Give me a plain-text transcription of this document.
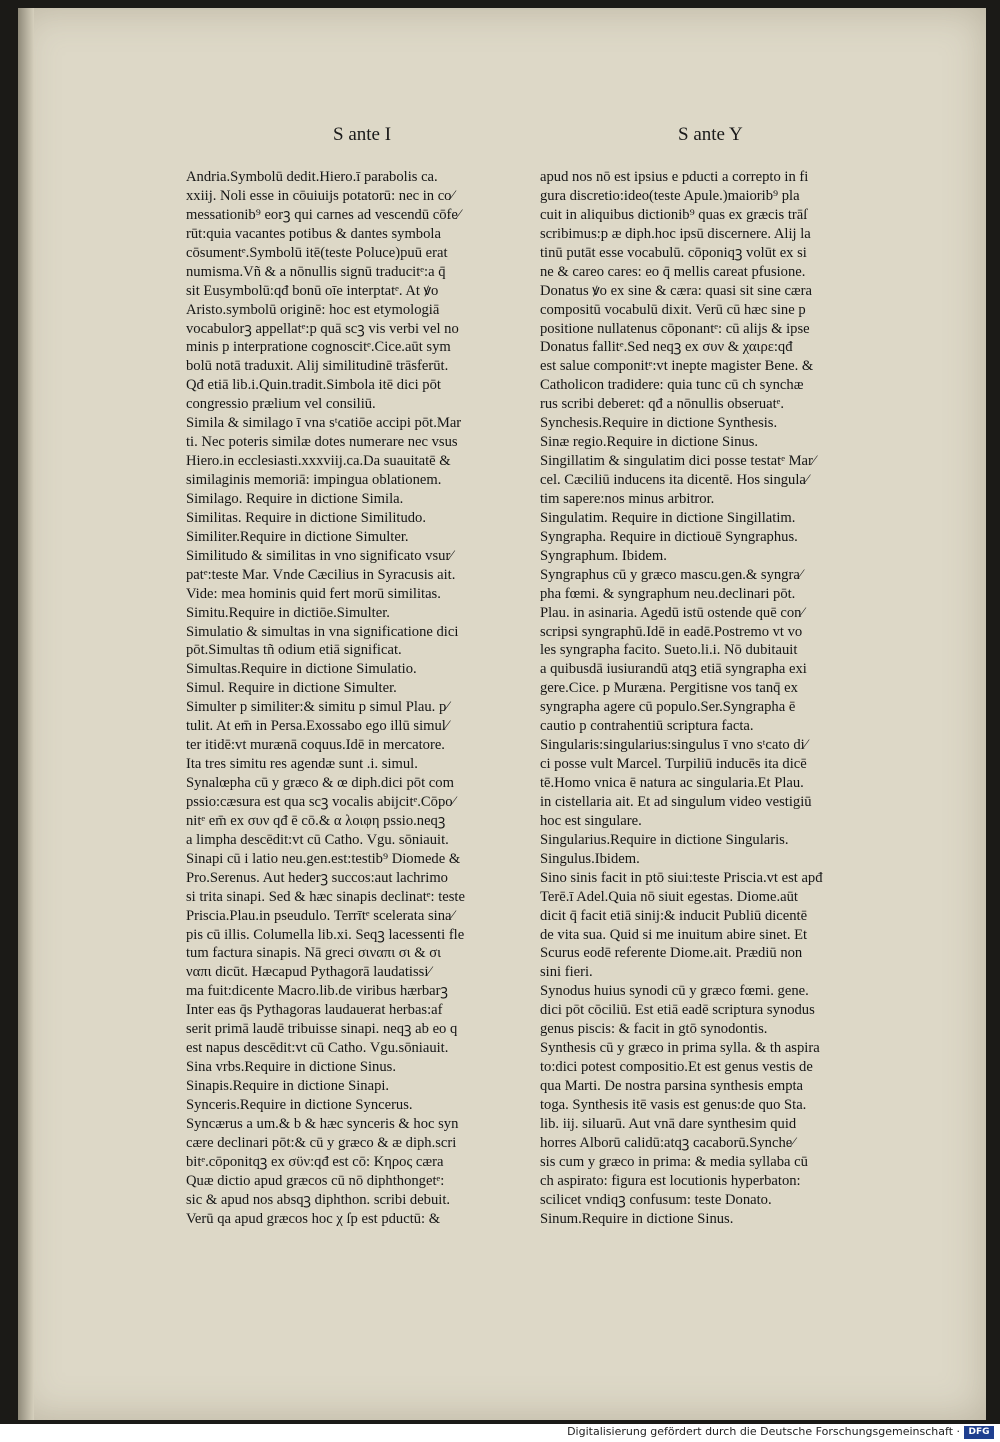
S ante I	S ante Y
Andria.Symbolū dedit.Hiero.ī parabolis ca.
xxiij. Noli esse in cōuiuijs potatorū: nec in co⁄
messationib⁹ eorꝫ qui carnes ad vescendū cōfe⁄
rūt:quia vacantes potibus & dantes symbola
cōsumentᵉ.Symbolū itē(teste Poluce)puū erat
numisma.Vñ & a nōnullis signū traducitᵉ:a q̄
sit Eusymbolū:qđ bonū oīe interptatᵉ. At ꝟo
Aristo.symbolū originē: hoc est etymologiā
vocabulorꝫ appellatᵉ:p quā scꝫ vis verbi vel no
minis p interpratione cognoscitᵉ.Cice.aūt sym
bolū notā traduxit. Alij similitudinē trāsferūt.
Qđ etiā lib.i.Quin.tradit.Simbola itē dici pōt
congressio prælium vel consiliū.
Simila & similago ī vna sᵗcatiōe accipi pōt.Mar
ti. Nec poteris similæ dotes numerare nec vsus
Hiero.in ecclesiasti.xxxviij.ca.Da suauitatē &
similaginis memoriā: impingua oblationem.
Similago. Require in dictione Simila.
Similitas. Require in dictione Similitudo.
Similiter.Require in dictione Simulter.
Similitudo & similitas in vno significato vsur⁄
patᵉ:teste Mar. Vnde Cæcilius in Syracusis ait.
Vide: mea hominis quid fert morū similitas.
Simitu.Require in dictiōe.Simulter.
Simulatio & simultas in vna significatione dici
pōt.Simultas tñ odium etiā significat.
Simultas.Require in dictione Simulatio.
Simul. Require in dictione Simulter.
Simulter p similiter:& simitu p simul Plau. p⁄
tulit. At em̄ in Persa.Exossabo ego illū simul⁄
ter itidē:vt murænā coquus.Idē in mercatore.
Ita tres simitu res agendæ sunt .i. simul.
Synalœpha cū y græco & œ diph.dici pōt com
pssio:cæsura est qua scꝫ vocalis abijcitᵉ.Cōpo⁄
nitᵉ em̄ ex συν qđ ē cō.& α λοιφη pssio.neqꝫ
a limpha descēdit:vt cū Catho. Vgu. sōniauit.
Sinapi cū i latio neu.gen.est:testib⁹ Diomede &
Pro.Serenus. Aut hederꝫ succos:aut lachrimo
si trita sinapi. Sed & hæc sinapis declinatᵉ: teste
Priscia.Plau.in pseudulo. Terrītᵉ scelerata sina⁄
pis cū illis. Columella lib.xi. Seqꝫ lacessenti fle
tum factura sinapis. Nā greci σιναπι σι & σι
ναπι dicūt. Hæcapud Pythagorā laudatissi⁄
ma fuit:dicente Macro.lib.de viribus hærbarꝫ
Inter eas q̄s Pythagoras laudauerat herbas:af
serit primā laudē tribuisse sinapi. neqꝫ ab eo q
est napus descēdit:vt cū Catho. Vgu.sōniauit.
Sina vrbs.Require in dictione Sinus.
Sinapis.Require in dictione Sinapi.
Synceris.Require in dictione Syncerus.
Syncærus a um.& b & hæc synceris & hoc syn
cære declinari pōt:& cū y græco & æ diph.scri
bitᵉ.cōponitqꝫ ex σϋν:qđ est cō: Κηρος cæra
Quæ dictio apud græcos cū nō diphthongetᵉ:
sic & apud nos absqꝫ diphthon. scribi debuit.
Verū qa apud græcos hoc χ ſp est pductū: &
apud nos nō est ipsius e pducti a correpto in fi
gura discretio:ideo(teste Apule.)maiorib⁹ pla
cuit in aliquibus dictionib⁹ quas ex græcis trāſ
scribimus:p æ diph.hoc ipsū discernere. Alij la
tinū putāt esse vocabulū. cōponiqꝫ volūt ex si
ne & careo cares: eo q̄ mellis careat pfusione.
Donatus ꝟo ex sine & cæra: quasi sit sine cæra
compositū vocabulū dixit. Verū cū hæc sine p
positione nullatenus cōponantᵉ: cū alijs & ipse
Donatus fallitᵉ.Sed neqꝫ ex συν & χαιρε:qđ
est salue componitᵉ:vt inepte magister Bene. &
Catholicon tradidere: quia tunc cū ch synchæ
rus scribi deberet: qđ a nōnullis obseruatᵉ.
Synchesis.Require in dictione Synthesis.
Sinæ regio.Require in dictione Sinus.
Singillatim & singulatim dici posse testatᵉ Mar⁄
cel. Cæciliū inducens ita dicentē. Hos singula⁄
tim sapere:nos minus arbitror.
Singulatim. Require in dictione Singillatim.
Syngrapha. Require in dictiouē Syngraphus.
Syngraphum. Ibidem.
Syngraphus cū y græco mascu.gen.& syngra⁄
pha fœmi. & syngraphum neu.declinari pōt.
Plau. in asinaria. Agedū istū ostende quē con⁄
scripsi syngraphū.Idē in eadē.Postremo vt vo
les syngrapha facito. Sueto.li.i. Nō dubitauit
a quibusdā iusiurandū atqꝫ etiā syngrapha exi
gere.Cice. p Muræna. Pergitisne vos tanq̄ ex
syngrapha agere cū populo.Ser.Syngrapha ē
cautio p contrahentiū scriptura facta.
Singularis:singularius:singulus ī vno sᵗcato di⁄
ci posse vult Marcel. Turpiliū inducēs ita dicē
tē.Homo vnica ē natura ac singularia.Et Plau.
in cistellaria ait. Et ad singulum video vestigiū
hoc est singulare.
Singularius.Require in dictione Singularis.
Singulus.Ibidem.
Sino sinis facit in ptō siui:teste Priscia.vt est apđ
Terē.ī Adel.Quia nō siuit egestas. Diome.aūt
dicit q̄ facit etiā sinij:& inducit Publiū dicentē
de vita sua. Quid si me inuitum abire sinet. Et
Scurus eodē referente Diome.ait. Prædiū non
sini fieri.
Synodus huius synodi cū y græco fœmi. gene.
dici pōt cōciliū. Est etiā eadē scriptura synodus
genus piscis: & facit in gtō synodontis.
Synthesis cū y græco in prima sylla. & th aspira
to:dici potest compositio.Et est genus vestis de
qua Marti. De nostra parsina synthesis empta
toga. Synthesis itē vasis est genus:de quo Sta.
lib. iij. siluarū. Aut vnā dare synthesim quid
horres Alborū calidū:atqꝫ cacaborū.Synche⁄
sis cum y græco in prima: & media syllaba cū
ch aspirato: figura est locutionis hyperbaton:
scilicet vndiqꝫ confusum: teste Donato.
Sinum.Require in dictione Sinus.
Digitalisierung gefördert durch die Deutsche Forschungsgemeinschaft · DFG
